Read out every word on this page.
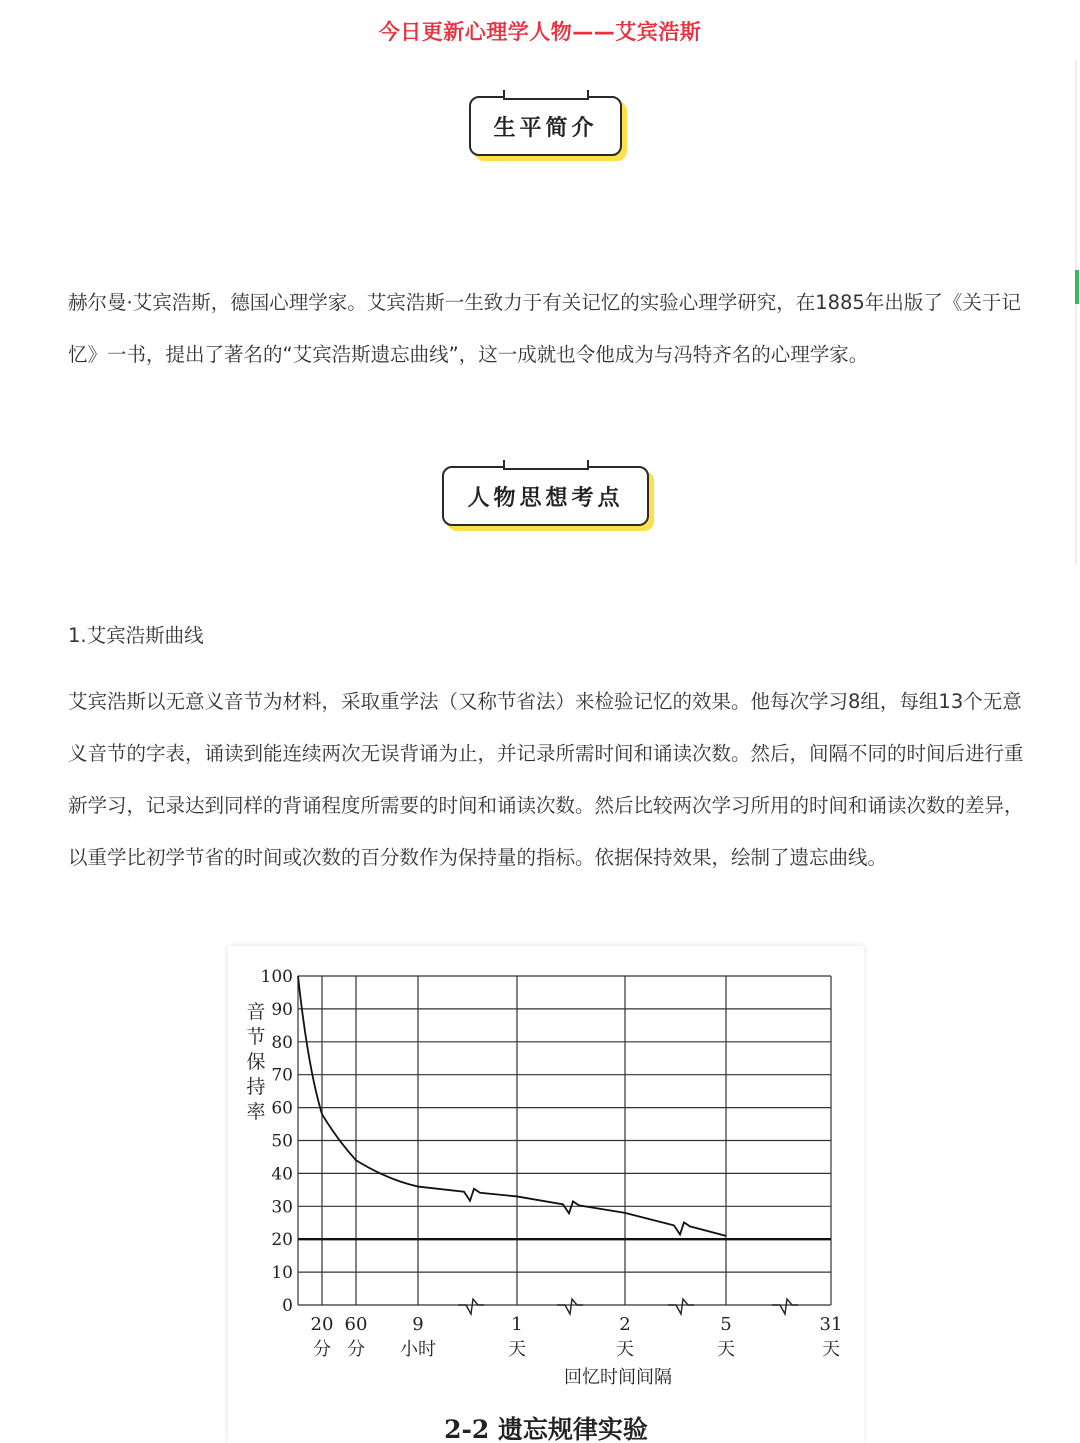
今日更新心理学人物——艾宾浩斯
生平简介
赫尔曼·艾宾浩斯，德国心理学家。艾宾浩斯一生致力于有关记忆的实验心理学研究，在1885年出版了《关于记忆》一书，提出了著名的“艾宾浩斯遗忘曲线”，这一成就也令他成为与冯特齐名的心理学家。
人物思想考点
1.艾宾浩斯曲线
艾宾浩斯以无意义音节为材料，采取重学法（又称节省法）来检验记忆的效果。他每次学习8组，每组13个无意义音节的字表，诵读到能连续两次无误背诵为止，并记录所需时间和诵读次数。然后，间隔不同的时间后进行重新学习，记录达到同样的背诵程度所需要的时间和诵读次数。然后比较两次学习所用的时间和诵读次数的差异，以重学比初学节省的时间或次数的百分数作为保持量的指标。依据保持效果，绘制了遗忘曲线。
0
10
20
30
40
50
60
70
80
90
100
音
节
保
持
率
20
分
60
分
9
小时
1
天
2
天
5
天
31
天
回忆时间间隔
2-2 遗忘规律实验
